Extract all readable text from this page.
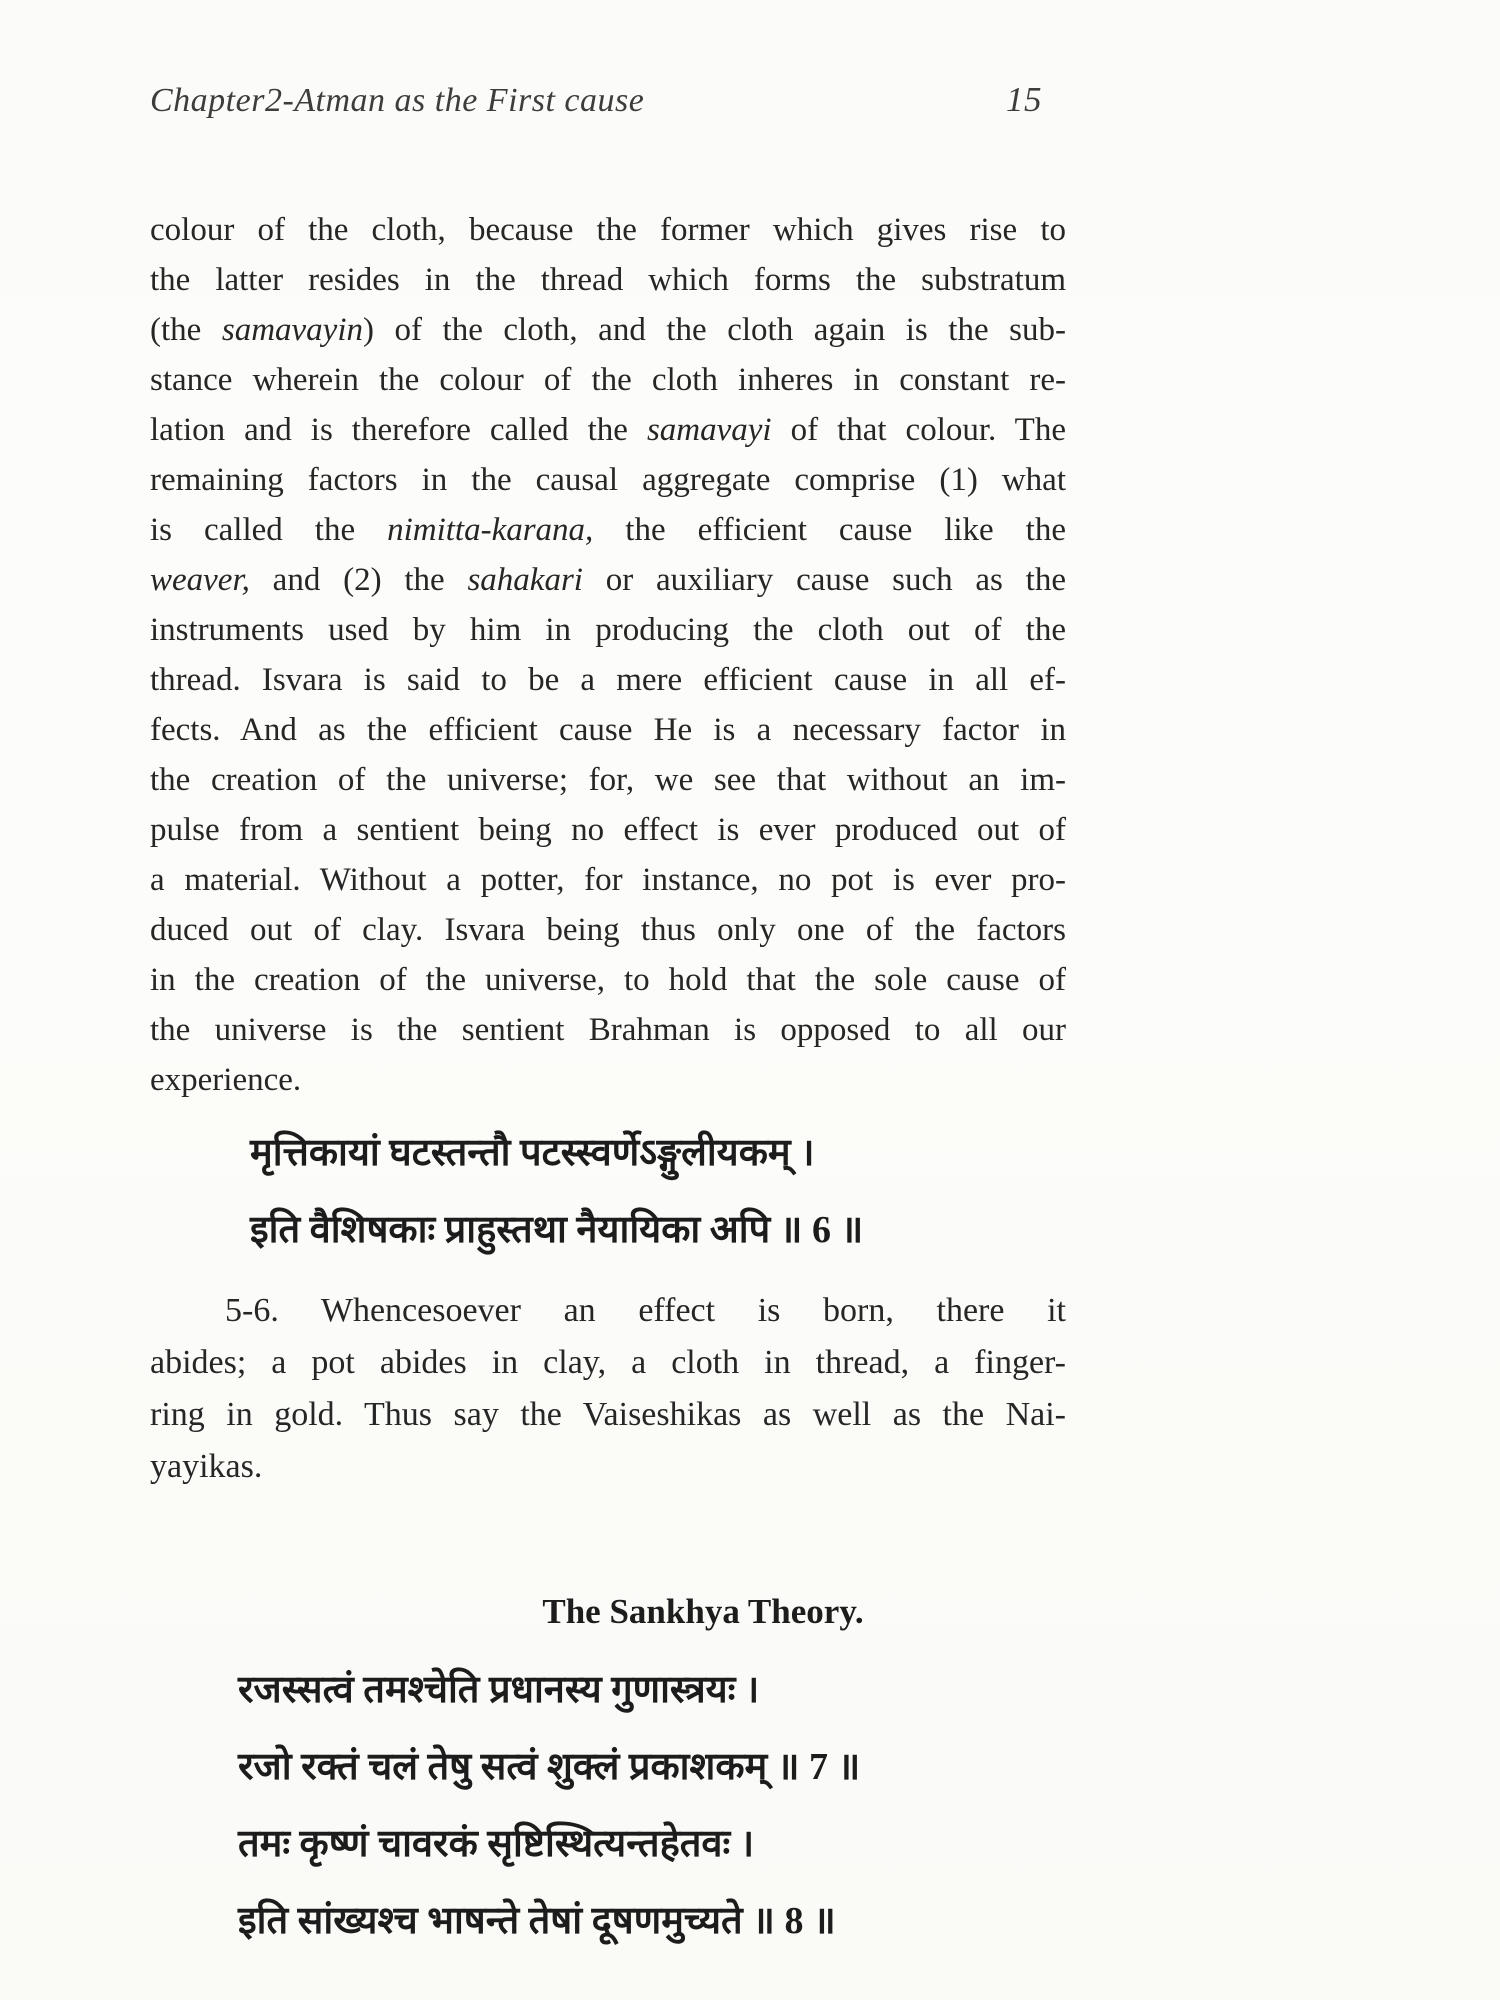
Chapter2-Atman as the First cause	15
colour of the cloth, because the former which gives rise to
the latter resides in the thread which forms the substratum
(the samavayin) of the cloth, and the cloth again is the sub-
stance wherein the colour of the cloth inheres in constant re-
lation and is therefore called the samavayi of that colour. The
remaining factors in the causal aggregate comprise (1) what
is called the nimitta-karana, the efficient cause like the
weaver, and (2) the sahakari or auxiliary cause such as the
instruments used by him in producing the cloth out of the
thread. Isvara is said to be a mere efficient cause in all ef-
fects. And as the efficient cause He is a necessary factor in
the creation of the universe; for, we see that without an im-
pulse from a sentient being no effect is ever produced out of
a material. Without a potter, for instance, no pot is ever pro-
duced out of clay. Isvara being thus only one of the factors
in the creation of the universe, to hold that the sole cause of
the universe is the sentient Brahman is opposed to all our
experience.
मृत्तिकायां घटस्तन्तौ पटस्स्वर्णेऽङ्गुलीयकम् ।
इति वैशिषकाः प्राहुस्तथा नैयायिका अपि ॥ 6 ॥
5-6. Whencesoever an effect is born, there it
abides; a pot abides in clay, a cloth in thread, a finger-
ring in gold. Thus say the Vaiseshikas as well as the Nai-
yayikas.
The Sankhya Theory.
रजस्सत्वं तमश्चेति प्रधानस्य गुणास्त्रयः ।
रजो रक्तं चलं तेषु सत्वं शुक्लं प्रकाशकम् ॥ 7 ॥
तमः कृष्णं चावरकं सृष्टिस्थित्यन्तहेतवः ।
इति सांख्यश्च भाषन्ते तेषां दूषणमुच्यते ॥ 8 ॥
